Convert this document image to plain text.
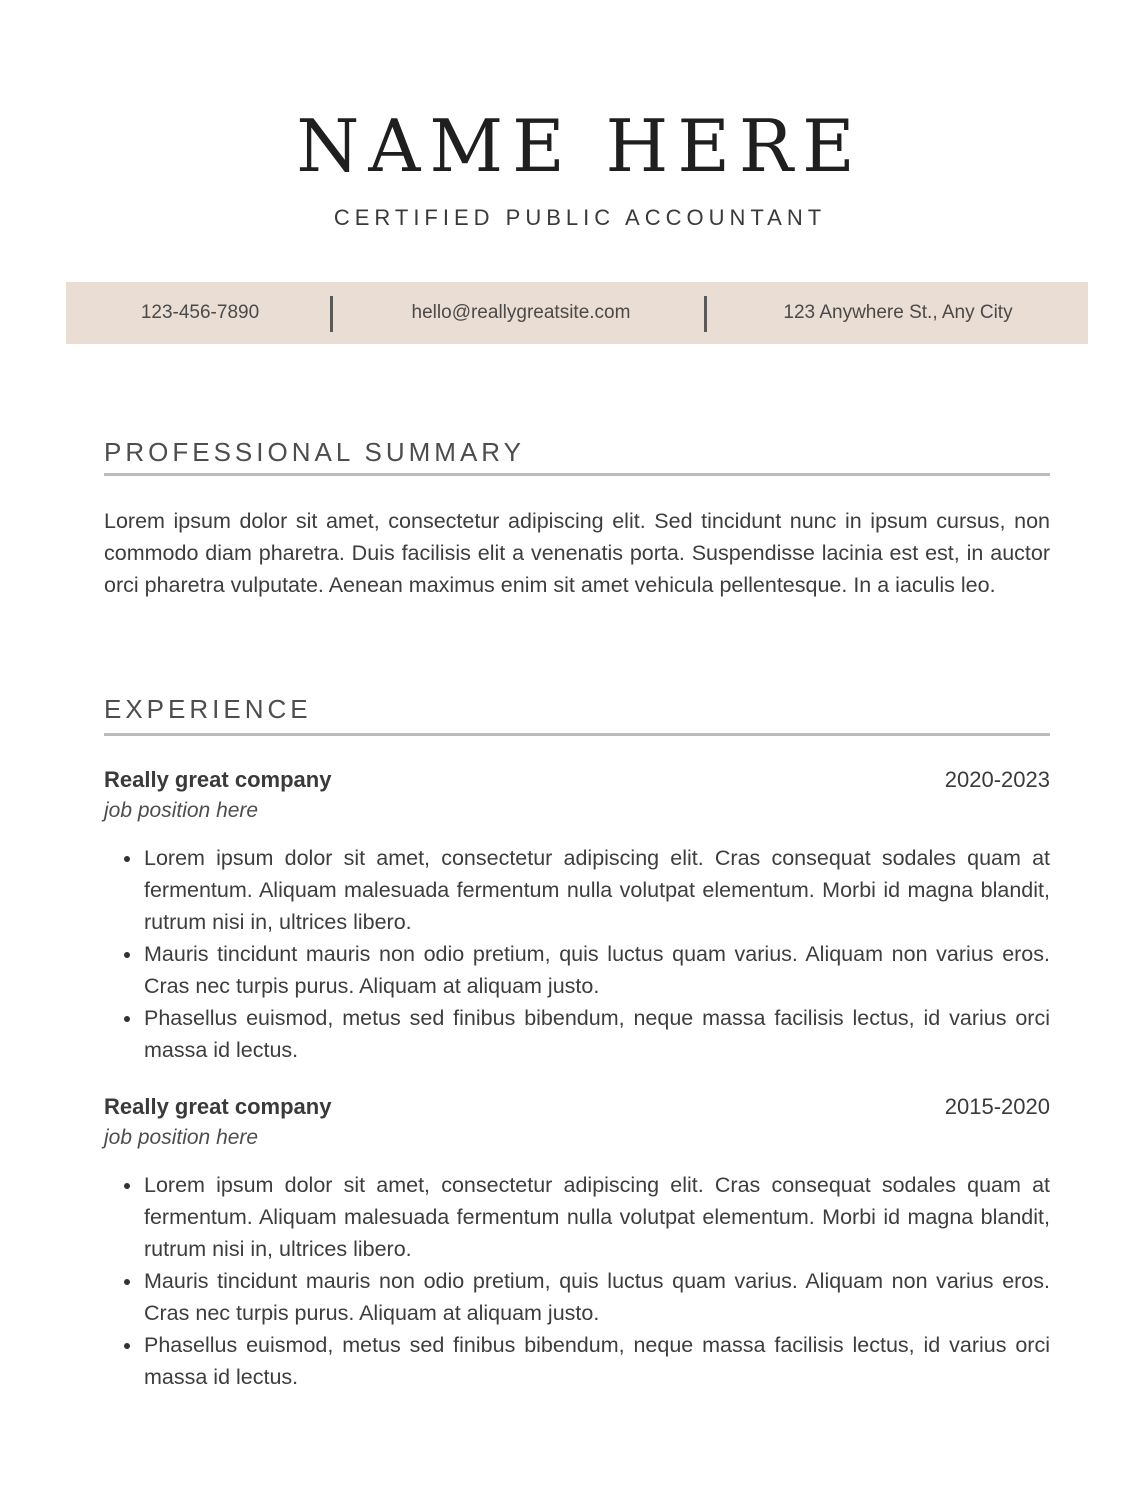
NAME HERE
CERTIFIED PUBLIC ACCOUNTANT
123-456-7890	hello@reallygreatsite.com	123 Anywhere St., Any City
PROFESSIONAL SUMMARY
Lorem ipsum dolor sit amet, consectetur adipiscing elit. Sed tincidunt nunc in ipsum cursus, non commodo diam pharetra. Duis facilisis elit a venenatis porta. Suspendisse lacinia est est, in auctor orci pharetra vulputate. Aenean maximus enim sit amet vehicula pellentesque. In a iaculis leo.
EXPERIENCE
Really great company	2020-2023
job position here
Lorem ipsum dolor sit amet, consectetur adipiscing elit. Cras consequat sodales quam at fermentum. Aliquam malesuada fermentum nulla volutpat elementum. Morbi id magna blandit, rutrum nisi in, ultrices libero.
Mauris tincidunt mauris non odio pretium, quis luctus quam varius. Aliquam non varius eros. Cras nec turpis purus. Aliquam at aliquam justo.
Phasellus euismod, metus sed finibus bibendum, neque massa facilisis lectus, id varius orci massa id lectus.
Really great company	2015-2020
job position here
Lorem ipsum dolor sit amet, consectetur adipiscing elit. Cras consequat sodales quam at fermentum. Aliquam malesuada fermentum nulla volutpat elementum. Morbi id magna blandit, rutrum nisi in, ultrices libero.
Mauris tincidunt mauris non odio pretium, quis luctus quam varius. Aliquam non varius eros. Cras nec turpis purus. Aliquam at aliquam justo.
Phasellus euismod, metus sed finibus bibendum, neque massa facilisis lectus, id varius orci massa id lectus.
